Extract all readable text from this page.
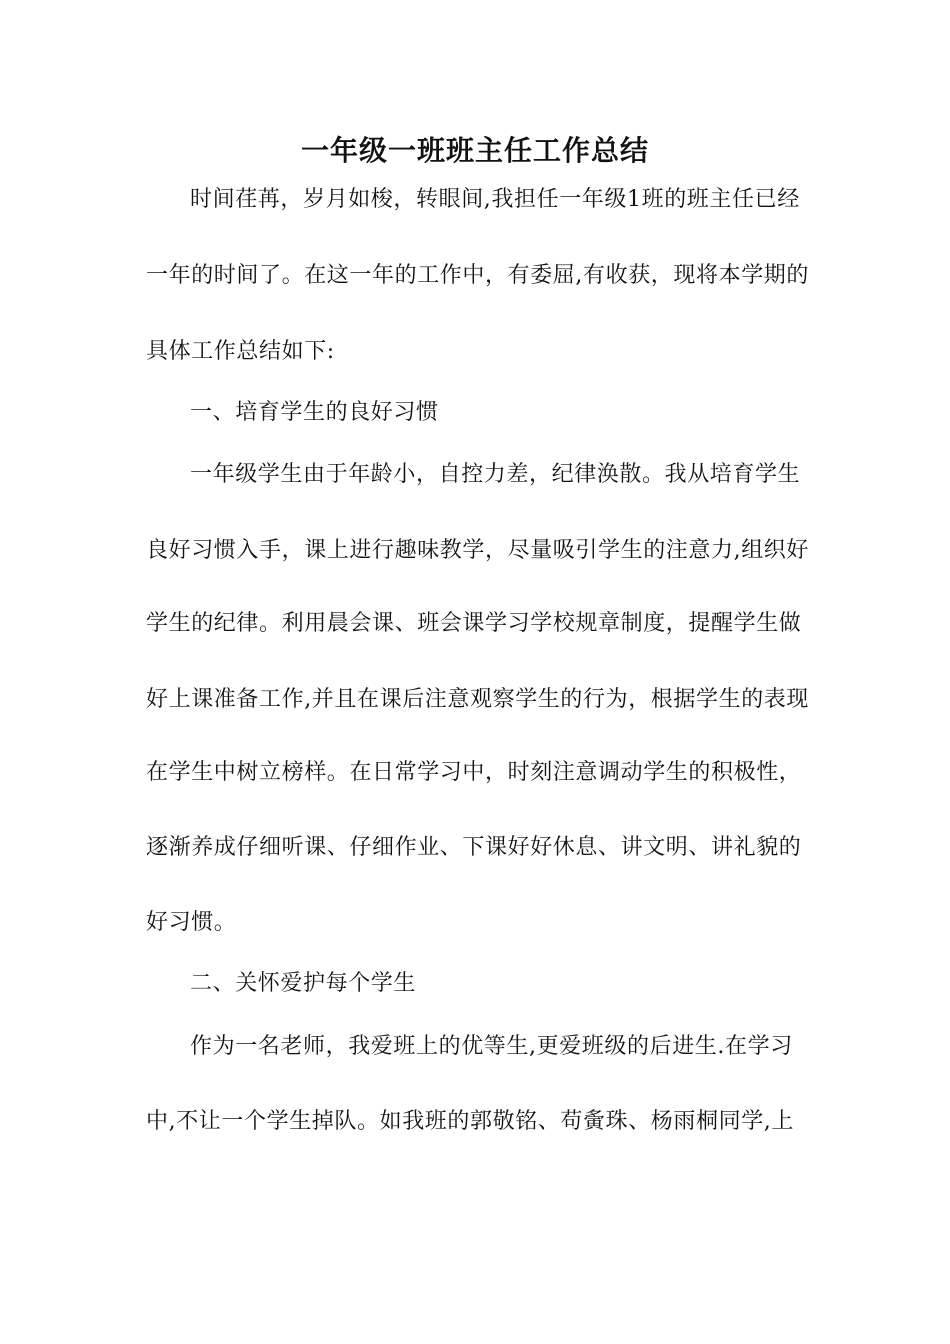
一年级一班班主任工作总结
时间荏苒，岁月如梭，转眼间,我担任一年级1班的班主任已经
一年的时间了。在这一年的工作中，有委屈,有收获，现将本学期的
具体工作总结如下:
一、培育学生的良好习惯
一年级学生由于年龄小，自控力差，纪律涣散。我从培育学生
良好习惯入手，课上进行趣味教学，尽量吸引学生的注意力,组织好
学生的纪律。利用晨会课、班会课学习学校规章制度，提醒学生做
好上课准备工作,并且在课后注意观察学生的行为，根据学生的表现
在学生中树立榜样。在日常学习中，时刻注意调动学生的积极性，
逐渐养成仔细听课、仔细作业、下课好好休息、讲文明、讲礼貌的
好习惯。
二、关怀爱护每个学生
作为一名老师，我爱班上的优等生,更爱班级的后进生.在学习
中,不让一个学生掉队。如我班的郭敬铭、苟夤珠、杨雨桐同学,上
